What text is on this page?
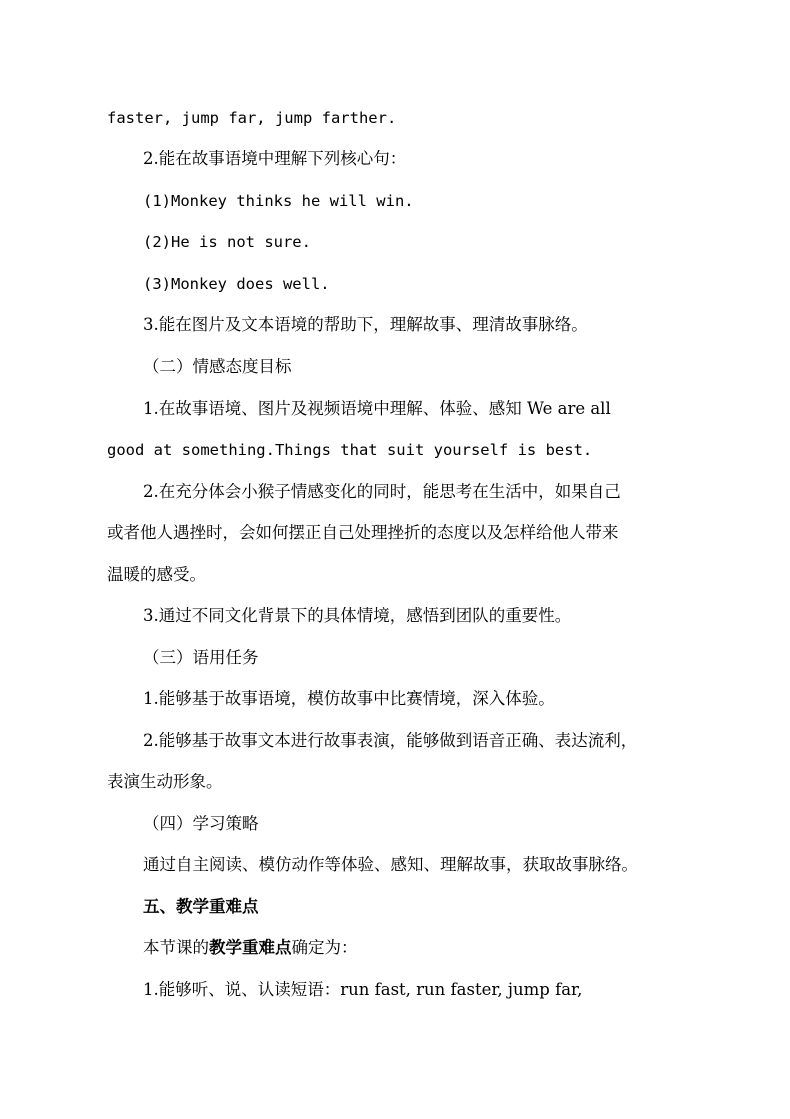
faster, jump far, jump farther.
2.能在故事语境中理解下列核心句：
(1)Monkey thinks he will win.
(2)He is not sure.
(3)Monkey does well.
3.能在图片及文本语境的帮助下，理解故事、理清故事脉络。
（二）情感态度目标
1.在故事语境、图片及视频语境中理解、体验、感知 We are all
good at something.Things that suit yourself is best.
2.在充分体会小猴子情感变化的同时，能思考在生活中，如果自己
或者他人遇挫时，会如何摆正自己处理挫折的态度以及怎样给他人带来
温暖的感受。
3.通过不同文化背景下的具体情境，感悟到团队的重要性。
（三）语用任务
1.能够基于故事语境，模仿故事中比赛情境，深入体验。
2.能够基于故事文本进行故事表演，能够做到语音正确、表达流利，
表演生动形象。
（四）学习策略
通过自主阅读、模仿动作等体验、感知、理解故事，获取故事脉络。
五、教学重难点
本节课的教学重难点确定为：
1.能够听、说、认读短语：run fast, run faster, jump far,
